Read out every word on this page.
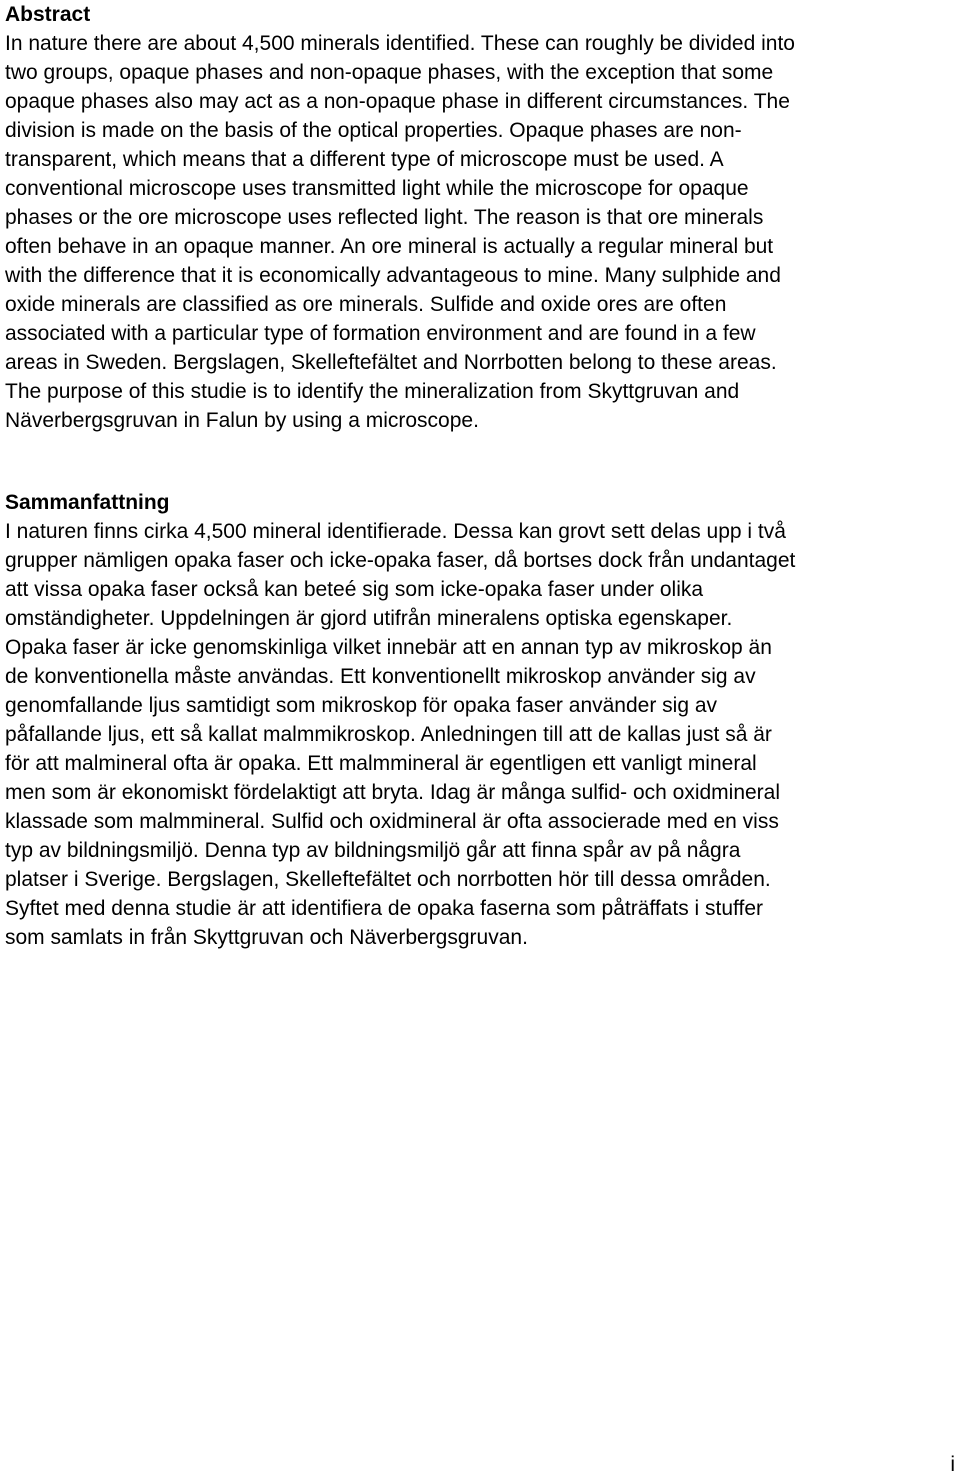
Abstract

In nature there are about 4,500 minerals identified. These can roughly be divided into
two groups, opaque phases and non-opaque phases, with the exception that some
opaque phases also may act as a non-opaque phase in different circumstances. The
division is made on the basis of the optical properties. Opaque phases are non-
transparent, which means that a different type of microscope must be used. A
conventional microscope uses transmitted light while the microscope for opaque
phases or the ore microscope uses reflected light. The reason is that ore minerals
often behave in an opaque manner. An ore mineral is actually a regular mineral but
with the difference that it is economically advantageous to mine. Many sulphide and
oxide minerals are classified as ore minerals. Sulfide and oxide ores are often
associated with a particular type of formation environment and are found in a few
areas in Sweden. Bergslagen, Skelleftefältet and Norrbotten belong to these areas.
The purpose of this studie is to identify the mineralization from Skyttgruvan and
Näverbergsgruvan in Falun by using a microscope.

Sammanfattning

I naturen finns cirka 4,500 mineral identifierade. Dessa kan grovt sett delas upp i två
grupper nämligen opaka faser och icke-opaka faser, då bortses dock från undantaget
att vissa opaka faser också kan beteé sig som icke-opaka faser under olika
omständigheter. Uppdelningen är gjord utifrån mineralens optiska egenskaper.
Opaka faser är icke genomskinliga vilket innebär att en annan typ av mikroskop än
de konventionella måste användas. Ett konventionellt mikroskop använder sig av
genomfallande ljus samtidigt som mikroskop för opaka faser använder sig av
påfallande ljus, ett så kallat malmmikroskop. Anledningen till att de kallas just så är
för att malmineral ofta är opaka. Ett malmmineral är egentligen ett vanligt mineral
men som är ekonomiskt fördelaktigt att bryta. Idag är många sulfid- och oxidmineral
klassade som malmmineral. Sulfid och oxidmineral är ofta associerade med en viss
typ av bildningsmiljö. Denna typ av bildningsmiljö går att finna spår av på några
platser i Sverige. Bergslagen, Skelleftefältet och norrbotten hör till dessa områden.
Syftet med denna studie är att identifiera de opaka faserna som påträffats i stuffer
som samlats in från Skyttgruvan och Näverbergsgruvan.

i
